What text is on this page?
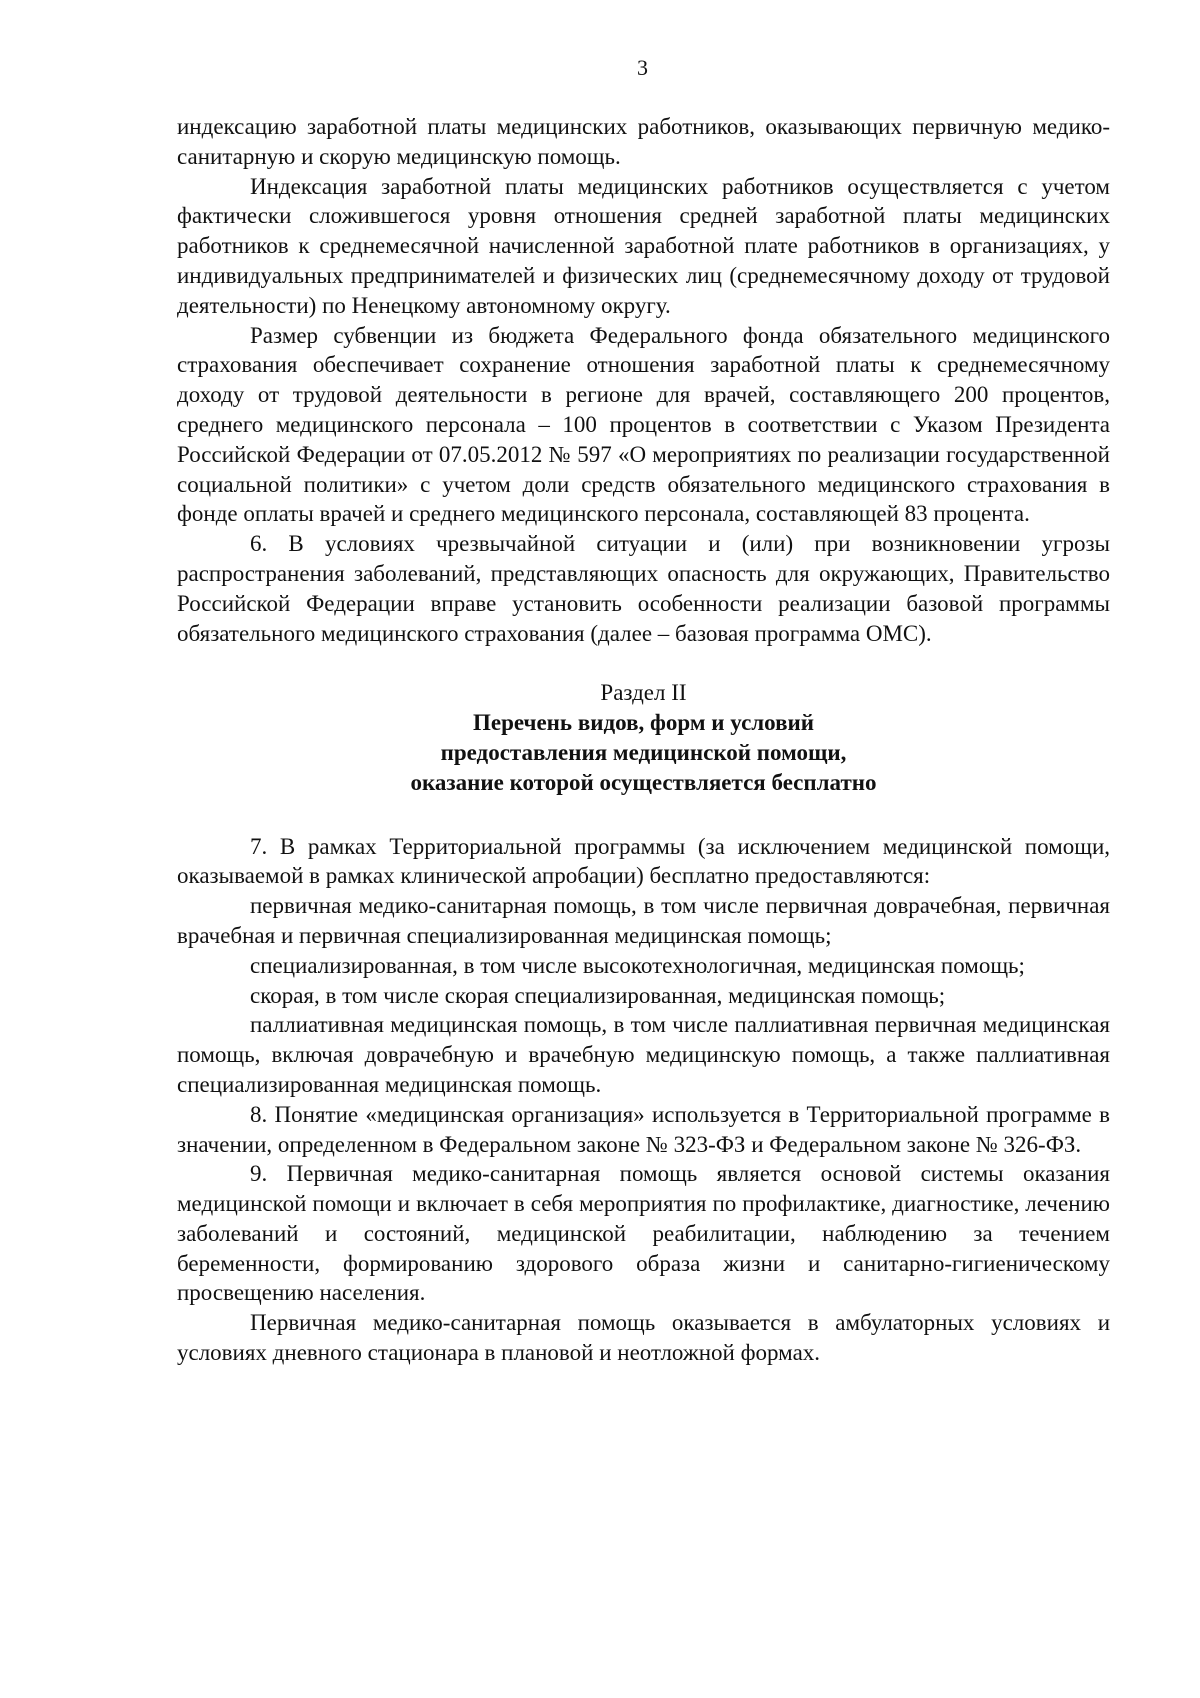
3

индексацию заработной платы медицинских работников, оказывающих первичную медико-санитарную и скорую медицинскую помощь.

Индексация заработной платы медицинских работников осуществляется с учетом фактически сложившегося уровня отношения средней заработной платы медицинских работников к среднемесячной начисленной заработной плате работников в организациях, у индивидуальных предпринимателей и физических лиц (среднемесячному доходу от трудовой деятельности) по Ненецкому автономному округу.

Размер субвенции из бюджета Федерального фонда обязательного медицинского страхования обеспечивает сохранение отношения заработной платы к среднемесячному доходу от трудовой деятельности в регионе для врачей, составляющего 200 процентов, среднего медицинского персонала – 100 процентов в соответствии с Указом Президента Российской Федерации от 07.05.2012 № 597 «О мероприятиях по реализации государственной социальной политики» с учетом доли средств обязательного медицинского страхования в фонде оплаты врачей и среднего медицинского персонала, составляющей 83 процента.

6. В условиях чрезвычайной ситуации и (или) при возникновении угрозы распространения заболеваний, представляющих опасность для окружающих, Правительство Российской Федерации вправе установить особенности реализации базовой программы обязательного медицинского страхования (далее – базовая программа ОМС).

Раздел II

Перечень видов, форм и условий

предоставления медицинской помощи,

оказание которой осуществляется бесплатно

7. В рамках Территориальной программы (за исключением медицинской помощи, оказываемой в рамках клинической апробации) бесплатно предоставляются:

первичная медико-санитарная помощь, в том числе первичная доврачебная, первичная врачебная и первичная специализированная медицинская помощь;

специализированная, в том числе высокотехнологичная, медицинская помощь;

скорая, в том числе скорая специализированная, медицинская помощь;

паллиативная медицинская помощь, в том числе паллиативная первичная медицинская помощь, включая доврачебную и врачебную медицинскую помощь, а также паллиативная специализированная медицинская помощь.

8. Понятие «медицинская организация» используется в Территориальной программе в значении, определенном в Федеральном законе № 323-ФЗ и Федеральном законе № 326-ФЗ.

9. Первичная медико-санитарная помощь является основой системы оказания медицинской помощи и включает в себя мероприятия по профилактике, диагностике, лечению заболеваний и состояний, медицинской реабилитации, наблюдению за течением беременности, формированию здорового образа жизни и санитарно-гигиеническому просвещению населения.

Первичная медико-санитарная помощь оказывается в амбулаторных условиях и условиях дневного стационара в плановой и неотложной формах.
